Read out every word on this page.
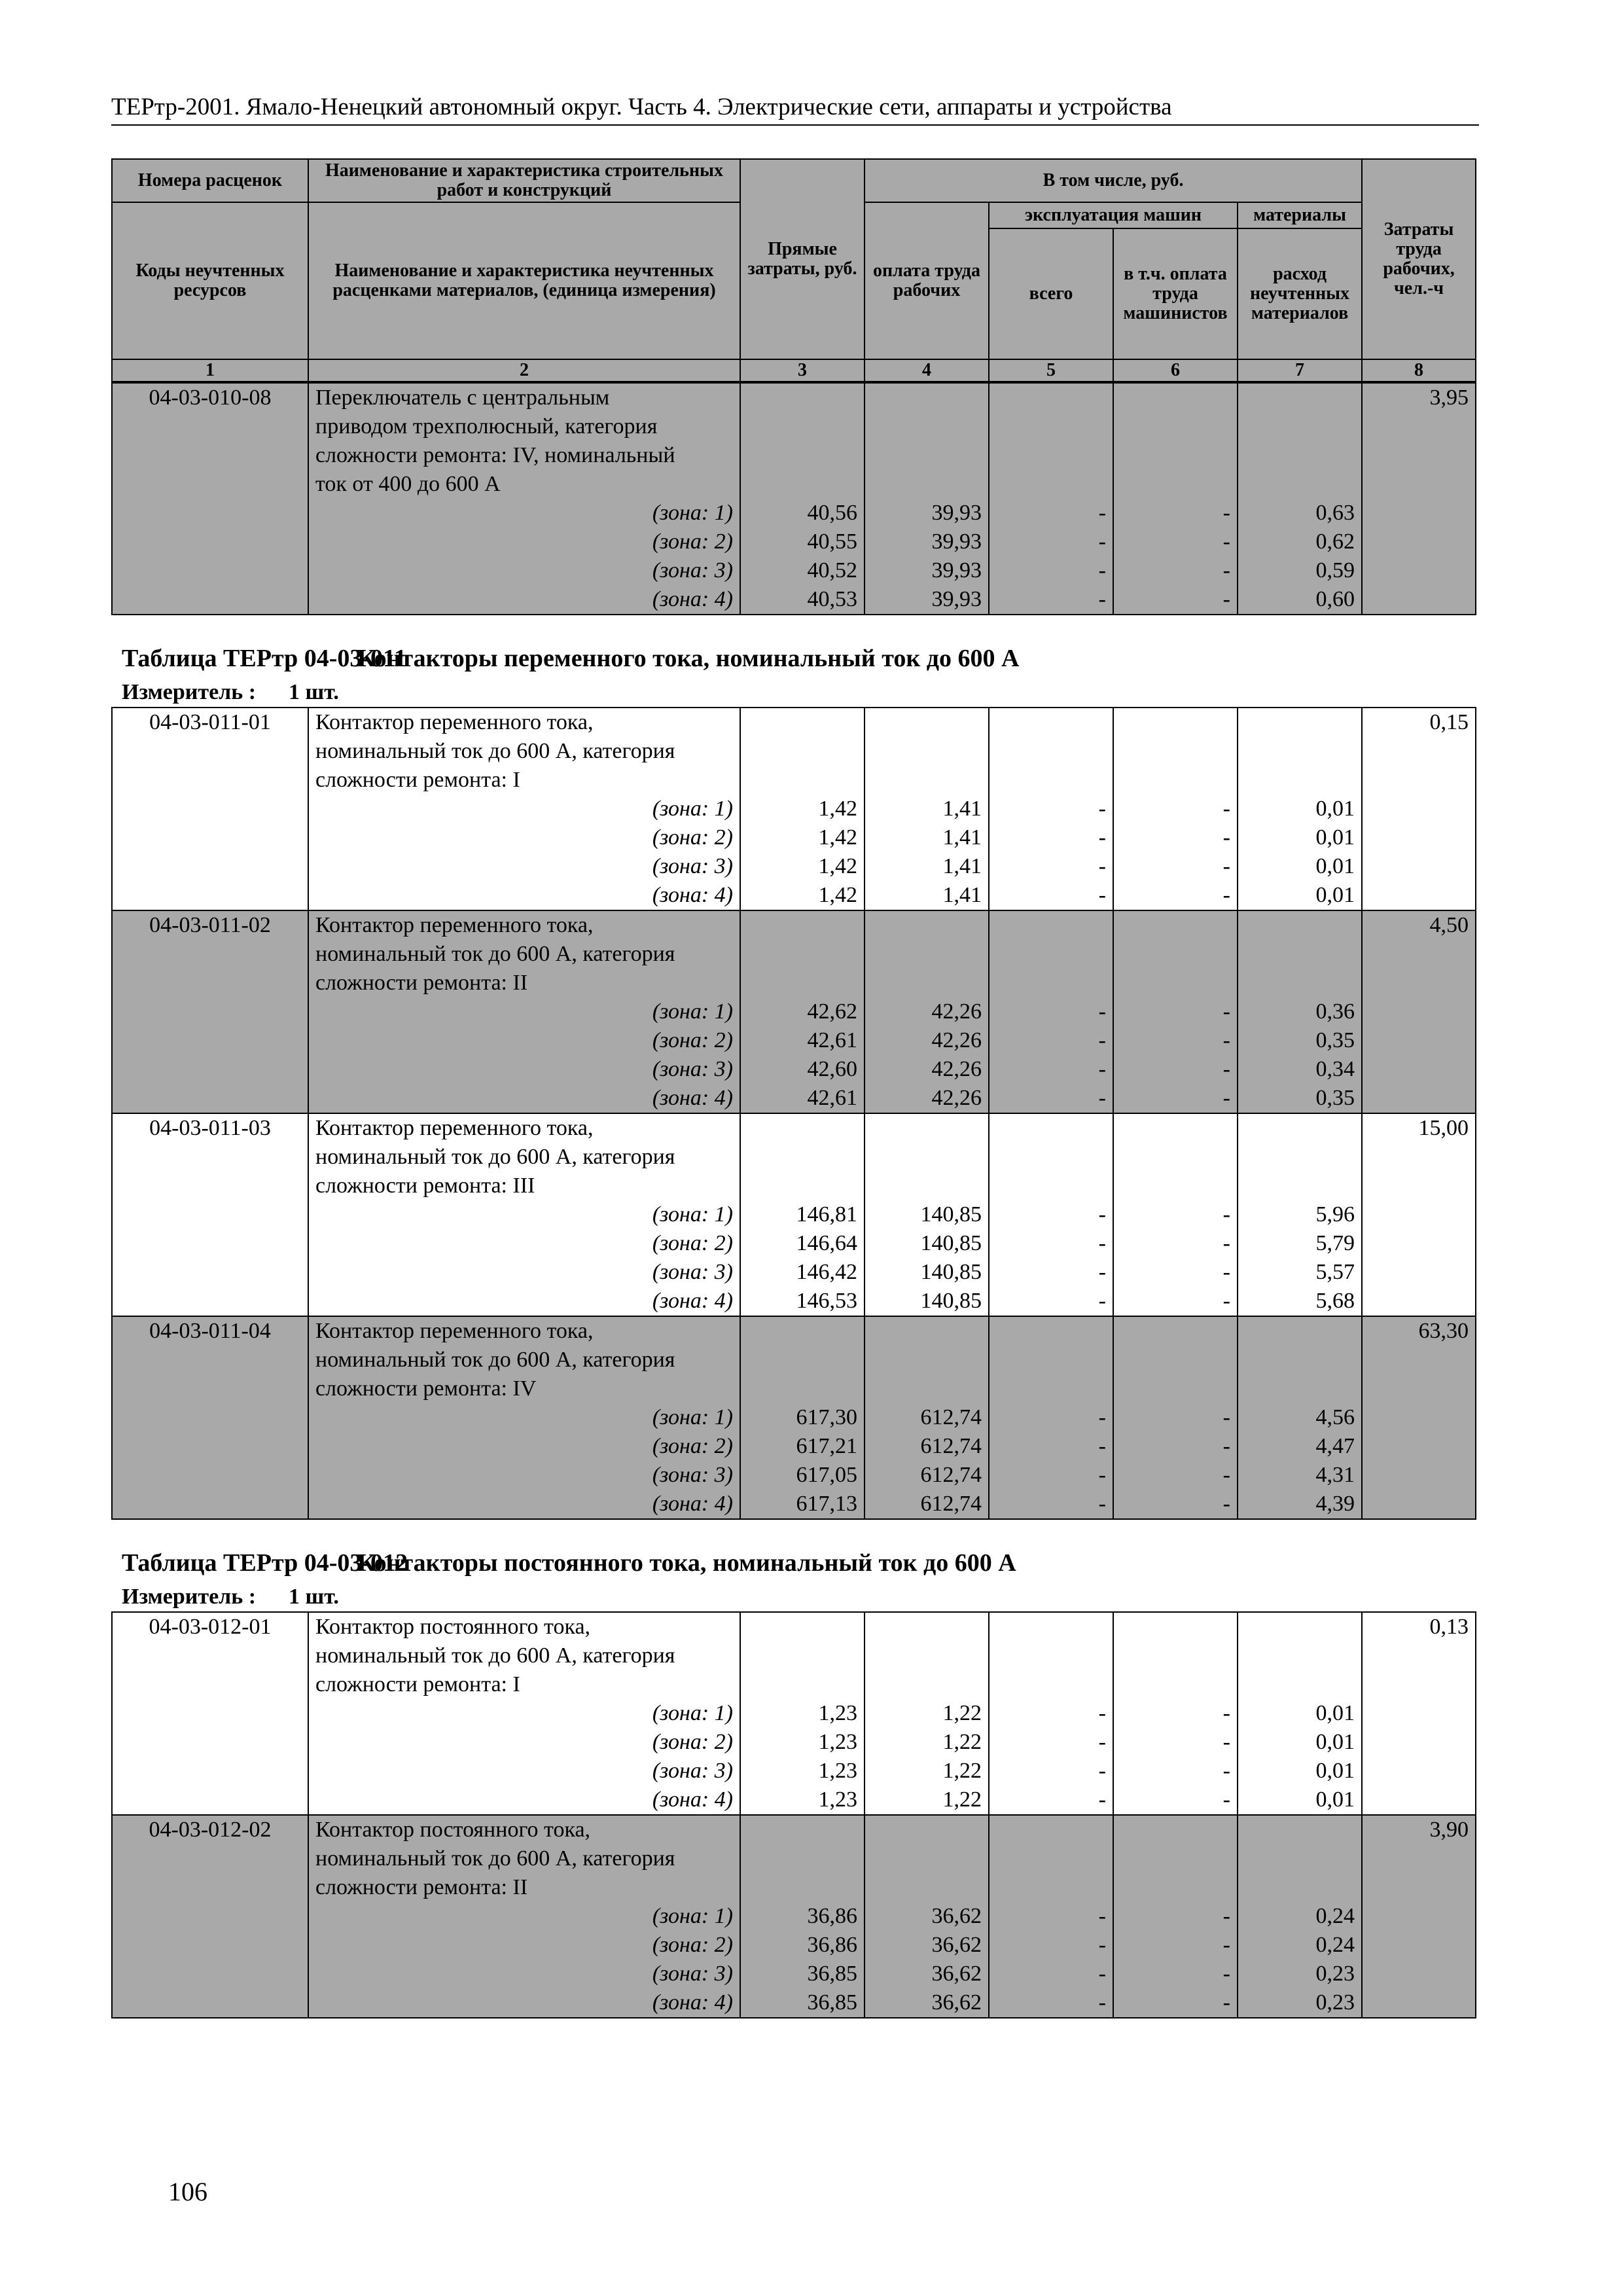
ТЕРтр-2001. Ямало-Ненецкий автономный округ. Часть 4. Электрические сети, аппараты и устройства
Номера расценок	Наименование и характеристика строительных работ и конструкций	Прямые затраты, руб.	В том числе, руб.				Затраты труда рабочих, чел.-ч
Коды неучтенных ресурсов	Наименование и характеристика неучтенных расценками материалов, (единица измерения)		оплата труда рабочих	эксплуатация машин		материалы	
				всего	в т.ч. оплата труда машинистов	расход неучтенных материалов	
1	2	3	4	5	6	7	8
04-03-010-08	Переключатель с центральным						3,95
	приводом трехполюсный, категория						
	сложности ремонта: IV, номинальный						
	ток от 400 до 600 А						
	(зона: 1)	40,56	39,93	-	-	0,63	
	(зона: 2)	40,55	39,93	-	-	0,62	
	(зона: 3)	40,52	39,93	-	-	0,59	
	(зона: 4)	40,53	39,93	-	-	0,60	
Таблица ТЕРтр 04-03-011Контакторы переменного тока, номинальный ток до 600 А
Измеритель : 1 шт.
04-03-011-01	Контактор переменного тока,						0,15
	номинальный ток до 600 А, категория						
	сложности ремонта: I						
	(зона: 1)	1,42	1,41	-	-	0,01	
	(зона: 2)	1,42	1,41	-	-	0,01	
	(зона: 3)	1,42	1,41	-	-	0,01	
	(зона: 4)	1,42	1,41	-	-	0,01	
04-03-011-02	Контактор переменного тока,						4,50
	номинальный ток до 600 А, категория						
	сложности ремонта: II						
	(зона: 1)	42,62	42,26	-	-	0,36	
	(зона: 2)	42,61	42,26	-	-	0,35	
	(зона: 3)	42,60	42,26	-	-	0,34	
	(зона: 4)	42,61	42,26	-	-	0,35	
04-03-011-03	Контактор переменного тока,						15,00
	номинальный ток до 600 А, категория						
	сложности ремонта: III						
	(зона: 1)	146,81	140,85	-	-	5,96	
	(зона: 2)	146,64	140,85	-	-	5,79	
	(зона: 3)	146,42	140,85	-	-	5,57	
	(зона: 4)	146,53	140,85	-	-	5,68	
04-03-011-04	Контактор переменного тока,						63,30
	номинальный ток до 600 А, категория						
	сложности ремонта: IV						
	(зона: 1)	617,30	612,74	-	-	4,56	
	(зона: 2)	617,21	612,74	-	-	4,47	
	(зона: 3)	617,05	612,74	-	-	4,31	
	(зона: 4)	617,13	612,74	-	-	4,39	
Таблица ТЕРтр 04-03-012Контакторы постоянного тока, номинальный ток до 600 А
Измеритель : 1 шт.
04-03-012-01	Контактор постоянного тока,						0,13
	номинальный ток до 600 А, категория						
	сложности ремонта: I						
	(зона: 1)	1,23	1,22	-	-	0,01	
	(зона: 2)	1,23	1,22	-	-	0,01	
	(зона: 3)	1,23	1,22	-	-	0,01	
	(зона: 4)	1,23	1,22	-	-	0,01	
04-03-012-02	Контактор постоянного тока,						3,90
	номинальный ток до 600 А, категория						
	сложности ремонта: II						
	(зона: 1)	36,86	36,62	-	-	0,24	
	(зона: 2)	36,86	36,62	-	-	0,24	
	(зона: 3)	36,85	36,62	-	-	0,23	
	(зона: 4)	36,85	36,62	-	-	0,23	
106
